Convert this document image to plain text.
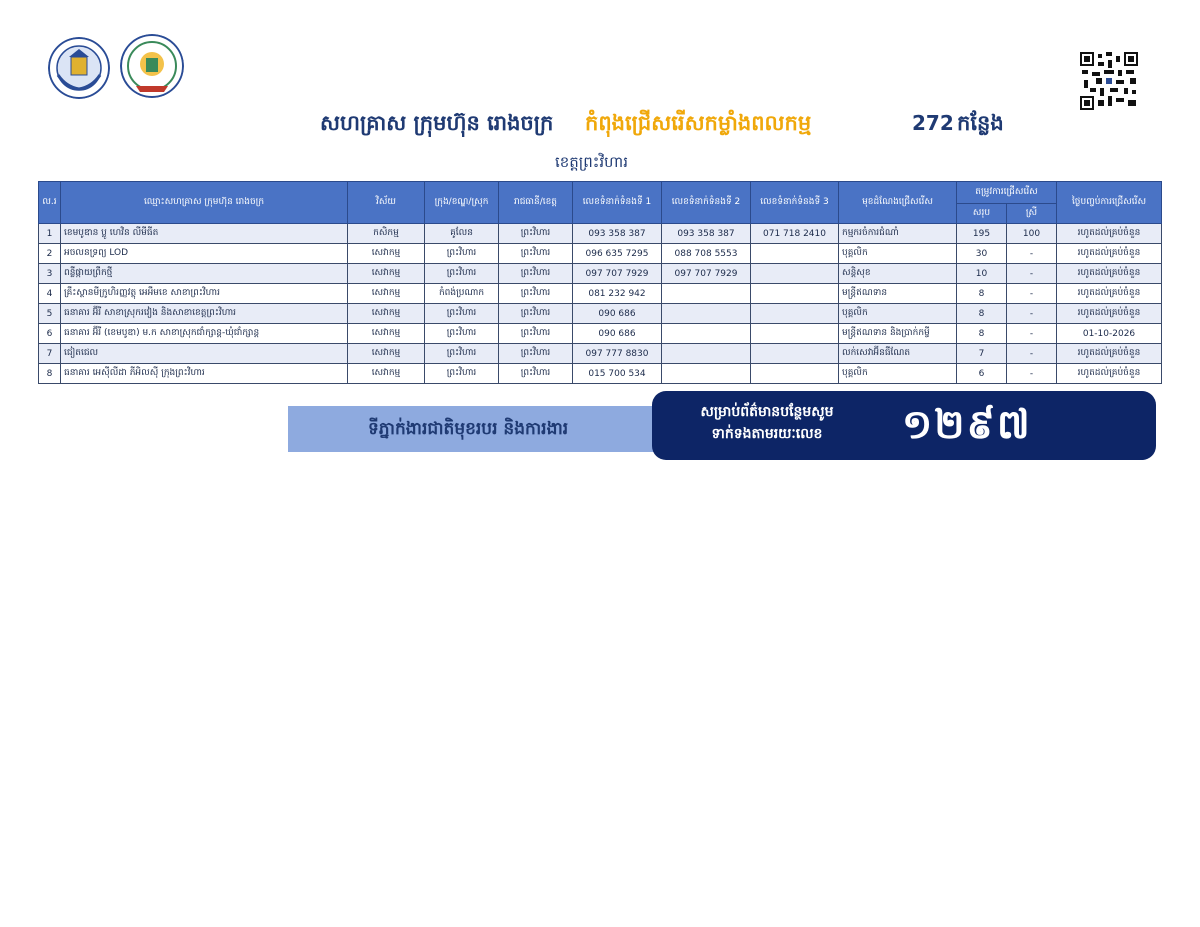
សហគ្រាស ក្រុមហ៊ុន រោងចក្រ	កំពុងជ្រើសរើសកម្លាំងពលកម្ម	272 កន្លែង
ខេត្តព្រះវិហារ
ល.រ	ឈ្មោះសហគ្រាស ក្រុមហ៊ុន រោងចក្រ	វិស័យ	ក្រុង/ខណ្ឌ/ស្រុក	រាជធានី/ខេត្ត	លេខទំនាក់ទំនងទី 1	លេខទំនាក់ទំនងទី 2	លេខទំនាក់ទំនងទី 3	មុខដំណែងជ្រើសរើស	តម្រូវការជ្រើសរើស		ថ្ងៃបញ្ចប់ការជ្រើសរើស
									សរុប	ស្រី	
1	ខេមបូឌាន ប្លូ ហេវិន លីមីធីត	កសិកម្ម	គូលែន	ព្រះវិហារ	093 358 387	093 358 387	071 718 2410	កម្មករចំការជំណាំ	195	100	រហូតដល់គ្រប់ចំនួន
2	អចលនទ្រព្យ LOD	សេវាកម្ម	ព្រះវិហារ	ព្រះវិហារ	096 635 7295	088 708 5553		បុគ្គលិក	30	-	រហូតដល់គ្រប់ចំនួន
3	ពន្លឺផ្កាយព្រឹកថ្មី	សេវាកម្ម	ព្រះវិហារ	ព្រះវិហារ	097 707 7929	097 707 7929		សន្តិសុខ	10	-	រហូតដល់គ្រប់ចំនួន
4	គ្រឹះស្ថានមីក្រូហិរញ្ញវត្ថុ អេអឹមខេ សាខាព្រះវិហារ	សេវាកម្ម	កំពង់ប្រណាក	ព្រះវិហារ	081 232 942			មន្ត្រីឥណទាន	8	-	រហូតដល់គ្រប់ចំនួន
5	ធនាគារ អ៊ីរី សាខាស្រុករវៀង និងសាខាខេត្តព្រះវិហារ	សេវាកម្ម	ព្រះវិហារ	ព្រះវិហារ	090 686			បុគ្គលិក	8	-	រហូតដល់គ្រប់ចំនួន
6	ធនាគារ អ៊ីរី (ខេមបូឌា) ម.ក សាខាស្រុកជាំក្សាន្ត-ឃុំជាំក្សាន្ត	សេវាកម្ម	ព្រះវិហារ	ព្រះវិហារ	090 686			មន្ត្រីឥណទាន និងប្រាក់កម្ចី	8	-	01-10-2026
7	ជៀតជេល	សេវាកម្ម	ព្រះវិហារ	ព្រះវិហារ	097 777 8830			លក់សេវាអ៊ីនធឺណែត	7	-	រហូតដល់គ្រប់ចំនួន
8	ធនាគារ អេស៊ីលីដា ភីអិលស៊ី ក្រុងព្រះវិហារ	សេវាកម្ម	ព្រះវិហារ	ព្រះវិហារ	015 700 534			បុគ្គលិក	6	-	រហូតដល់គ្រប់ចំនួន
ទីភ្នាក់ងារជាតិមុខរបរ និងការងារ
សម្រាប់ព័ត៌មានបន្ថែមសូម
ទាក់ទងតាមរយៈលេខ	១២៩៧
